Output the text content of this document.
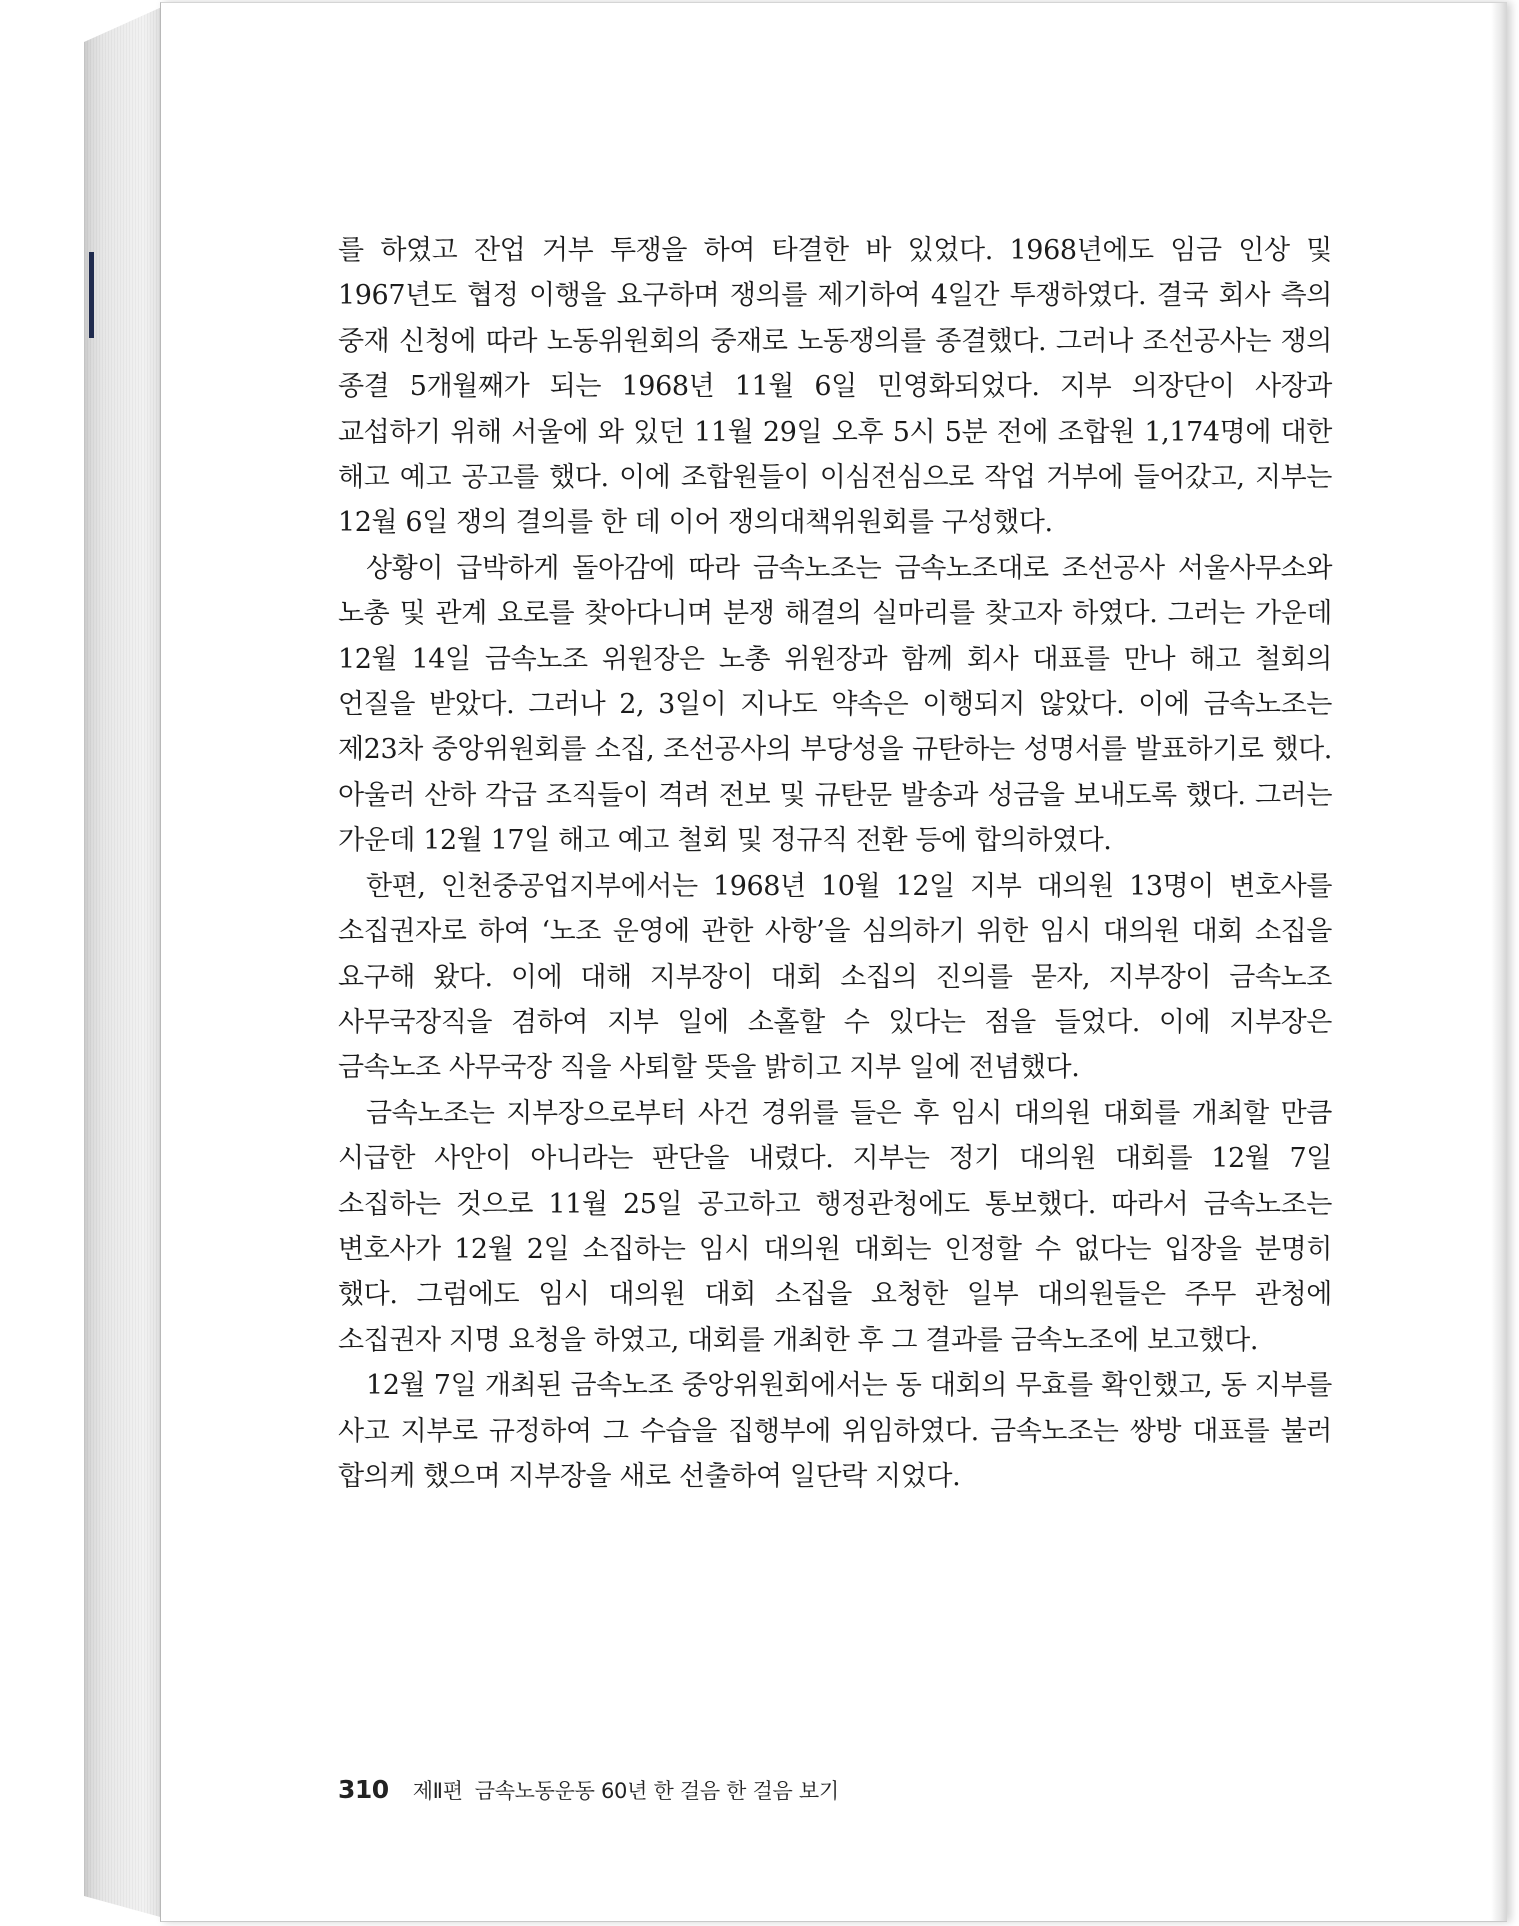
를 하였고 잔업 거부 투쟁을 하여 타결한 바 있었다. 1968년에도 임금 인상 및 1967년도 협정 이행을 요구하며 쟁의를 제기하여 4일간 투쟁하였다. 결국 회사 측의 중재 신청에 따라 노동위원회의 중재로 노동쟁의를 종결했다. 그러나 조선공사는 쟁의 종결 5개월째가 되는 1968년 11월 6일 민영화되었다. 지부 의장단이 사장과 교섭하기 위해 서울에 와 있던 11월 29일 오후 5시 5분 전에 조합원 1,174명에 대한 해고 예고 공고를 했다. 이에 조합원들이 이심전심으로 작업 거부에 들어갔고, 지부는 12월 6일 쟁의 결의를 한 데 이어 쟁의대책위원회를 구성했다.

상황이 급박하게 돌아감에 따라 금속노조는 금속노조대로 조선공사 서울사무소와 노총 및 관계 요로를 찾아다니며 분쟁 해결의 실마리를 찾고자 하였다. 그러는 가운데 12월 14일 금속노조 위원장은 노총 위원장과 함께 회사 대표를 만나 해고 철회의 언질을 받았다. 그러나 2, 3일이 지나도 약속은 이행되지 않았다. 이에 금속노조는 제23차 중앙위원회를 소집, 조선공사의 부당성을 규탄하는 성명서를 발표하기로 했다. 아울러 산하 각급 조직들이 격려 전보 및 규탄문 발송과 성금을 보내도록 했다. 그러는 가운데 12월 17일 해고 예고 철회 및 정규직 전환 등에 합의하였다.

한편, 인천중공업지부에서는 1968년 10월 12일 지부 대의원 13명이 변호사를 소집권자로 하여 ‘노조 운영에 관한 사항’을 심의하기 위한 임시 대의원 대회 소집을 요구해 왔다. 이에 대해 지부장이 대회 소집의 진의를 묻자, 지부장이 금속노조 사무국장직을 겸하여 지부 일에 소홀할 수 있다는 점을 들었다. 이에 지부장은 금속노조 사무국장 직을 사퇴할 뜻을 밝히고 지부 일에 전념했다.

금속노조는 지부장으로부터 사건 경위를 들은 후 임시 대의원 대회를 개최할 만큼 시급한 사안이 아니라는 판단을 내렸다. 지부는 정기 대의원 대회를 12월 7일 소집하는 것으로 11월 25일 공고하고 행정관청에도 통보했다. 따라서 금속노조는 변호사가 12월 2일 소집하는 임시 대의원 대회는 인정할 수 없다는 입장을 분명히 했다. 그럼에도 임시 대의원 대회 소집을 요청한 일부 대의원들은 주무 관청에 소집권자 지명 요청을 하였고, 대회를 개최한 후 그 결과를 금속노조에 보고했다.

12월 7일 개최된 금속노조 중앙위원회에서는 동 대회의 무효를 확인했고, 동 지부를 사고 지부로 규정하여 그 수습을 집행부에 위임하였다. 금속노조는 쌍방 대표를 불러 합의케 했으며 지부장을 새로 선출하여 일단락 지었다.

310 제Ⅱ편 금속노동운동 60년 한 걸음 한 걸음 보기
